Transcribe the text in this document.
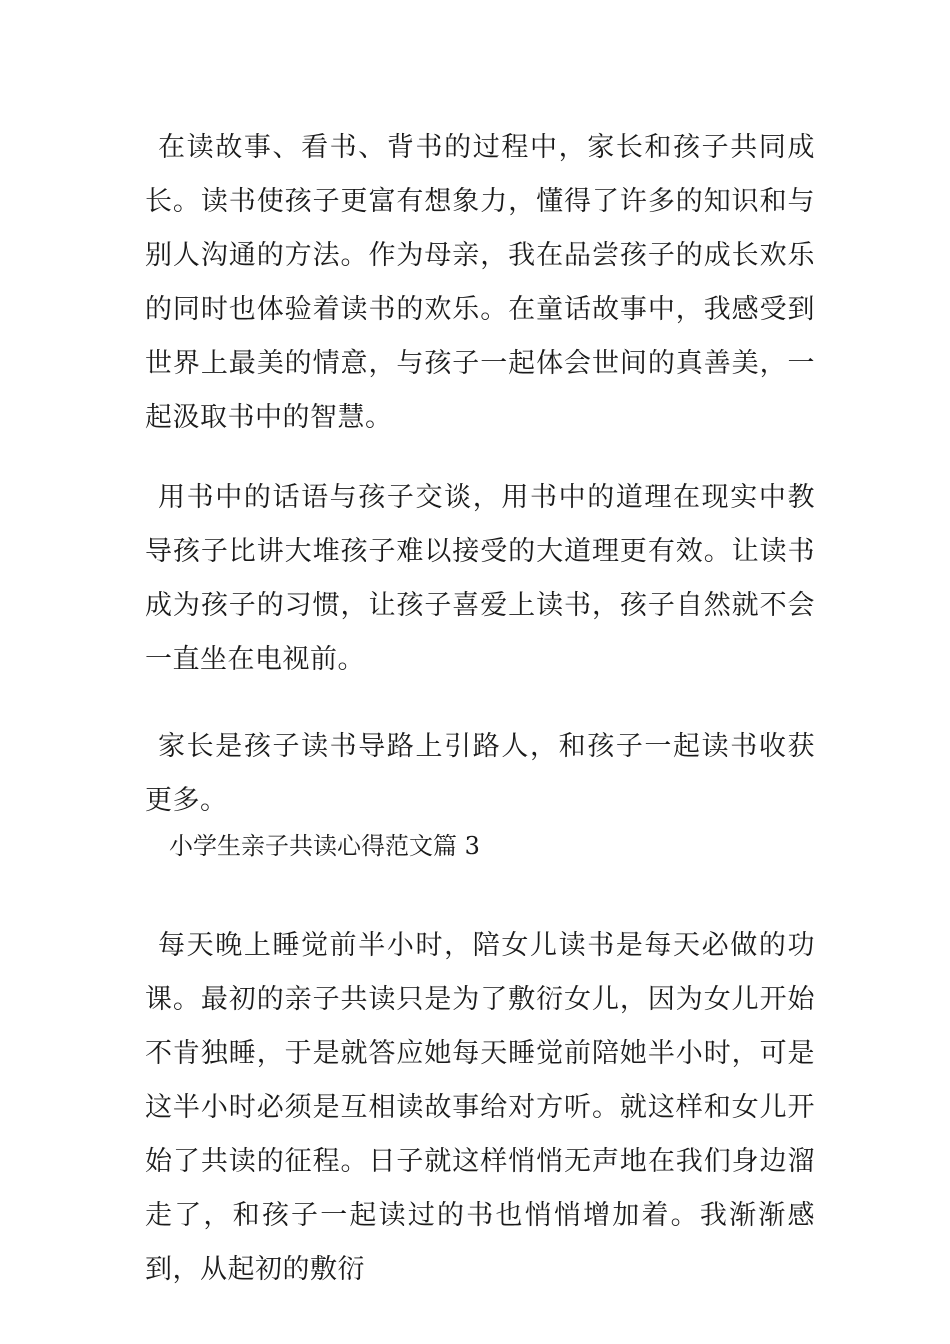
在读故事、看书、背书的过程中，家长和孩子共同成长。读书使孩子更富有想象力，懂得了许多的知识和与别人沟通的方法。作为母亲，我在品尝孩子的成长欢乐的同时也体验着读书的欢乐。在童话故事中，我感受到世界上最美的情意，与孩子一起体会世间的真善美，一起汲取书中的智慧。

用书中的话语与孩子交谈，用书中的道理在现实中教导孩子比讲大堆孩子难以接受的大道理更有效。让读书成为孩子的习惯，让孩子喜爱上读书，孩子自然就不会一直坐在电视前。

家长是孩子读书导路上引路人，和孩子一起读书收获更多。

小学生亲子共读心得范文篇 3

每天晚上睡觉前半小时，陪女儿读书是每天必做的功课。最初的亲子共读只是为了敷衍女儿，因为女儿开始不肯独睡，于是就答应她每天睡觉前陪她半小时，可是这半小时必须是互相读故事给对方听。就这样和女儿开始了共读的征程。日子就这样悄悄无声地在我们身边溜走了，和孩子一起读过的书也悄悄增加着。我渐渐感到，从起初的敷衍
